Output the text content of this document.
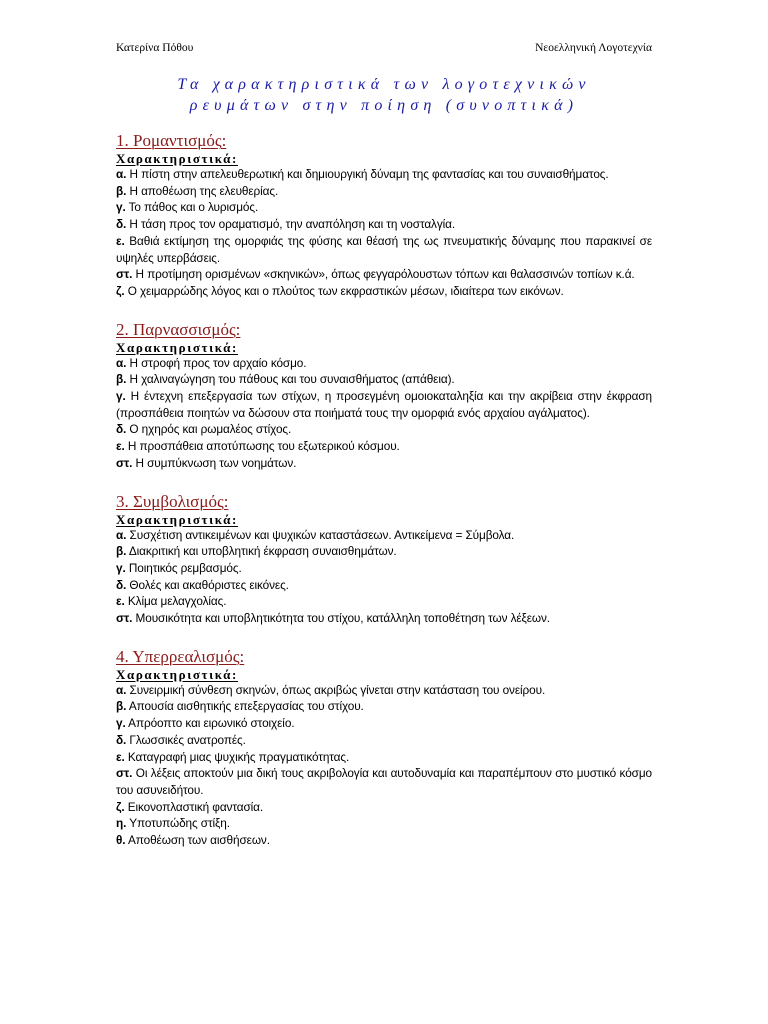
Κατερίνα Πόθου	Νεοελληνική Λογοτεχνία
Τα χαρακτηριστικά των λογοτεχνικών
ρευμάτων στην ποίηση (συνοπτικά)
1. Ρομαντισμός:
Χαρακτηριστικά:
α. Η πίστη στην απελευθερωτική και δημιουργική δύναμη της φαντασίας και του συναισθήματος.
β. Η αποθέωση της ελευθερίας.
γ. Το πάθος και ο λυρισμός.
δ. Η τάση προς τον οραματισμό, την αναπόληση και τη νοσταλγία.
ε. Βαθιά εκτίμηση της ομορφιάς της φύσης και θέασή της ως πνευματικής δύναμης που παρακινεί σε υψηλές υπερβάσεις.
στ. Η προτίμηση ορισμένων «σκηνικών», όπως φεγγαρόλουστων τόπων και θαλασσινών τοπίων κ.ά.
ζ. Ο χειμαρρώδης λόγος και ο πλούτος των εκφραστικών μέσων, ιδιαίτερα των εικόνων.
2. Παρνασσισμός:
Χαρακτηριστικά:
α. Η στροφή προς τον αρχαίο κόσμο.
β. Η χαλιναγώγηση του πάθους και του συναισθήματος (απάθεια).
γ. Η έντεχνη επεξεργασία των στίχων, η προσεγμένη ομοιοκαταληξία και την ακρίβεια στην έκφραση (προσπάθεια ποιητών να δώσουν στα ποιήματά τους την ομορφιά ενός αρχαίου αγάλματος).
δ. Ο ηχηρός και ρωμαλέος στίχος.
ε. Η προσπάθεια αποτύπωσης του εξωτερικού κόσμου.
στ. Η συμπύκνωση των νοημάτων.
3. Συμβολισμός:
Χαρακτηριστικά:
α. Συσχέτιση αντικειμένων και ψυχικών καταστάσεων. Αντικείμενα = Σύμβολα.
β. Διακριτική και υποβλητική έκφραση συναισθημάτων.
γ. Ποιητικός ρεμβασμός.
δ. Θολές και ακαθόριστες εικόνες.
ε. Κλίμα μελαγχολίας.
στ. Μουσικότητα και υποβλητικότητα του στίχου, κατάλληλη τοποθέτηση των λέξεων.
4. Υπερρεαλισμός:
Χαρακτηριστικά:
α. Συνειρμική σύνθεση σκηνών, όπως ακριβώς γίνεται στην κατάσταση του ονείρου.
β. Απουσία αισθητικής επεξεργασίας του στίχου.
γ. Απρόοπτο και ειρωνικό στοιχείο.
δ. Γλωσσικές ανατροπές.
ε. Καταγραφή μιας ψυχικής πραγματικότητας.
στ. Οι λέξεις αποκτούν μια δική τους ακριβολογία και αυτοδυναμία και παραπέμπουν στο μυστικό κόσμο του ασυνειδήτου.
ζ. Εικονοπλαστική φαντασία.
η. Υποτυπώδης στίξη.
θ. Αποθέωση των αισθήσεων.
